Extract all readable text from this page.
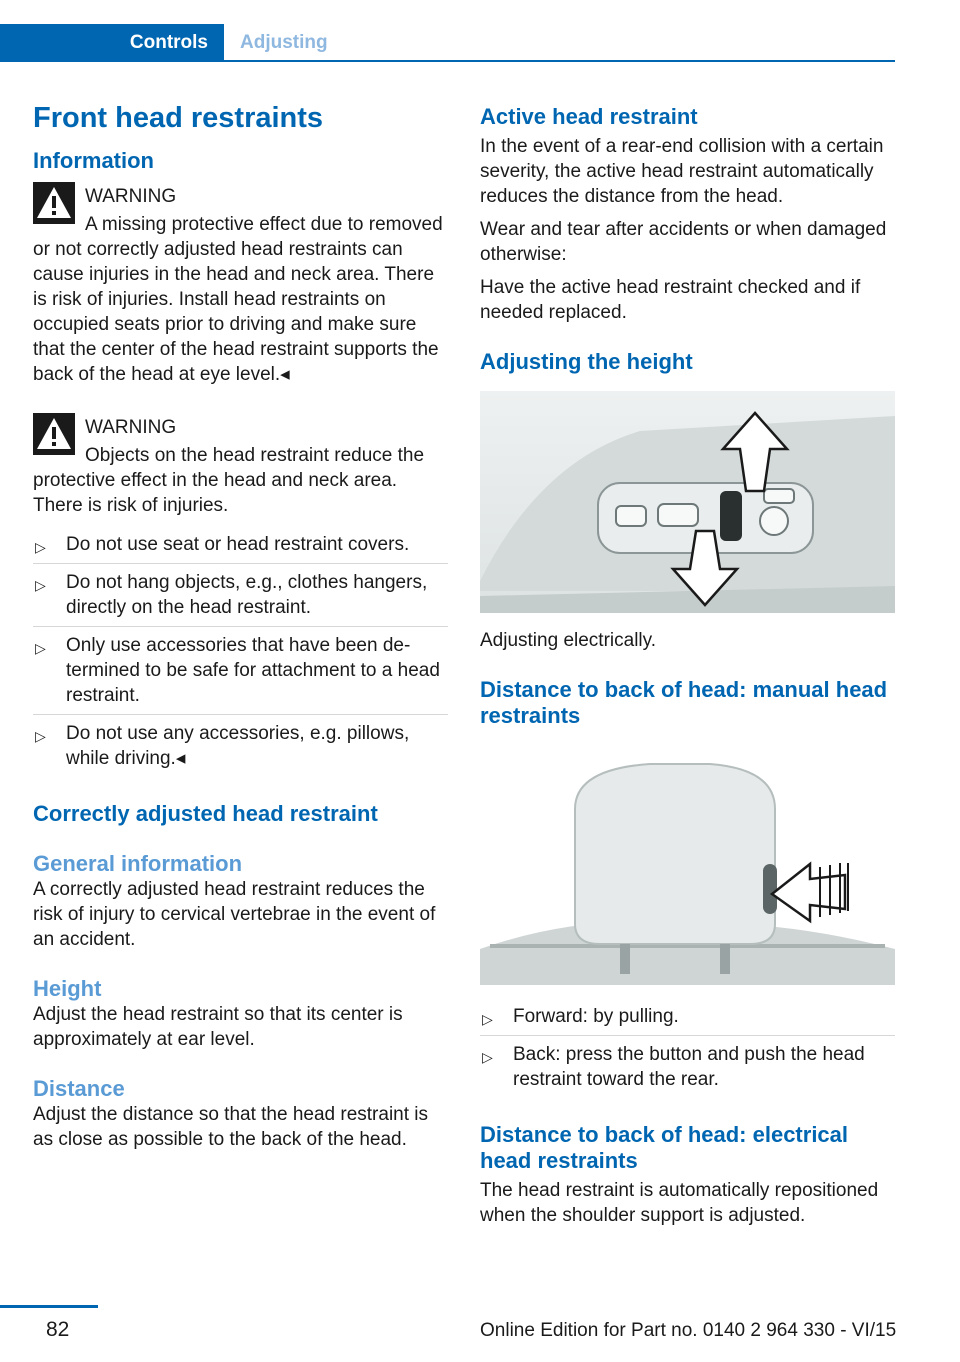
Controls	Adjusting
Front head restraints
Information
WARNING

A missing protective effect due to removed or not correctly adjusted head restraints can cause injuries in the head and neck area. There is risk of injuries. Install head restraints on occupied seats prior to driving and make sure that the center of the head restraint supports the back of the head at eye level.◂

WARNING

Objects on the head restraint reduce the protective effect in the head and neck area. There is risk of injuries.

▷ Do not use seat or head restraint covers.
▷ Do not hang objects, e.g., clothes hangers, directly on the head restraint.
▷ Only use accessories that have been determined to be safe for attachment to a head restraint.
▷ Do not use any accessories, e.g. pillows, while driving.◂
Correctly adjusted head restraint
General information

A correctly adjusted head restraint reduces the risk of injury to cervical vertebrae in the event of an accident.

Height

Adjust the head restraint so that its center is approximately at ear level.

Distance

Adjust the distance so that the head restraint is as close as possible to the back of the head.

Active head restraint

In the event of a rear-end collision with a certain severity, the active head restraint automatically reduces the distance from the head.

Wear and tear after accidents or when damaged otherwise:

Have the active head restraint checked and if needed replaced.

Adjusting the height

Adjusting electrically.

Distance to back of head: manual head restraints
▷ Forward: by pulling.
▷ Back: press the button and push the head restraint toward the rear.
Distance to back of head: electrical head restraints

The head restraint is automatically repositioned when the shoulder support is adjusted.

82	Online Edition for Part no. 0140 2 964 330 - VI/15
